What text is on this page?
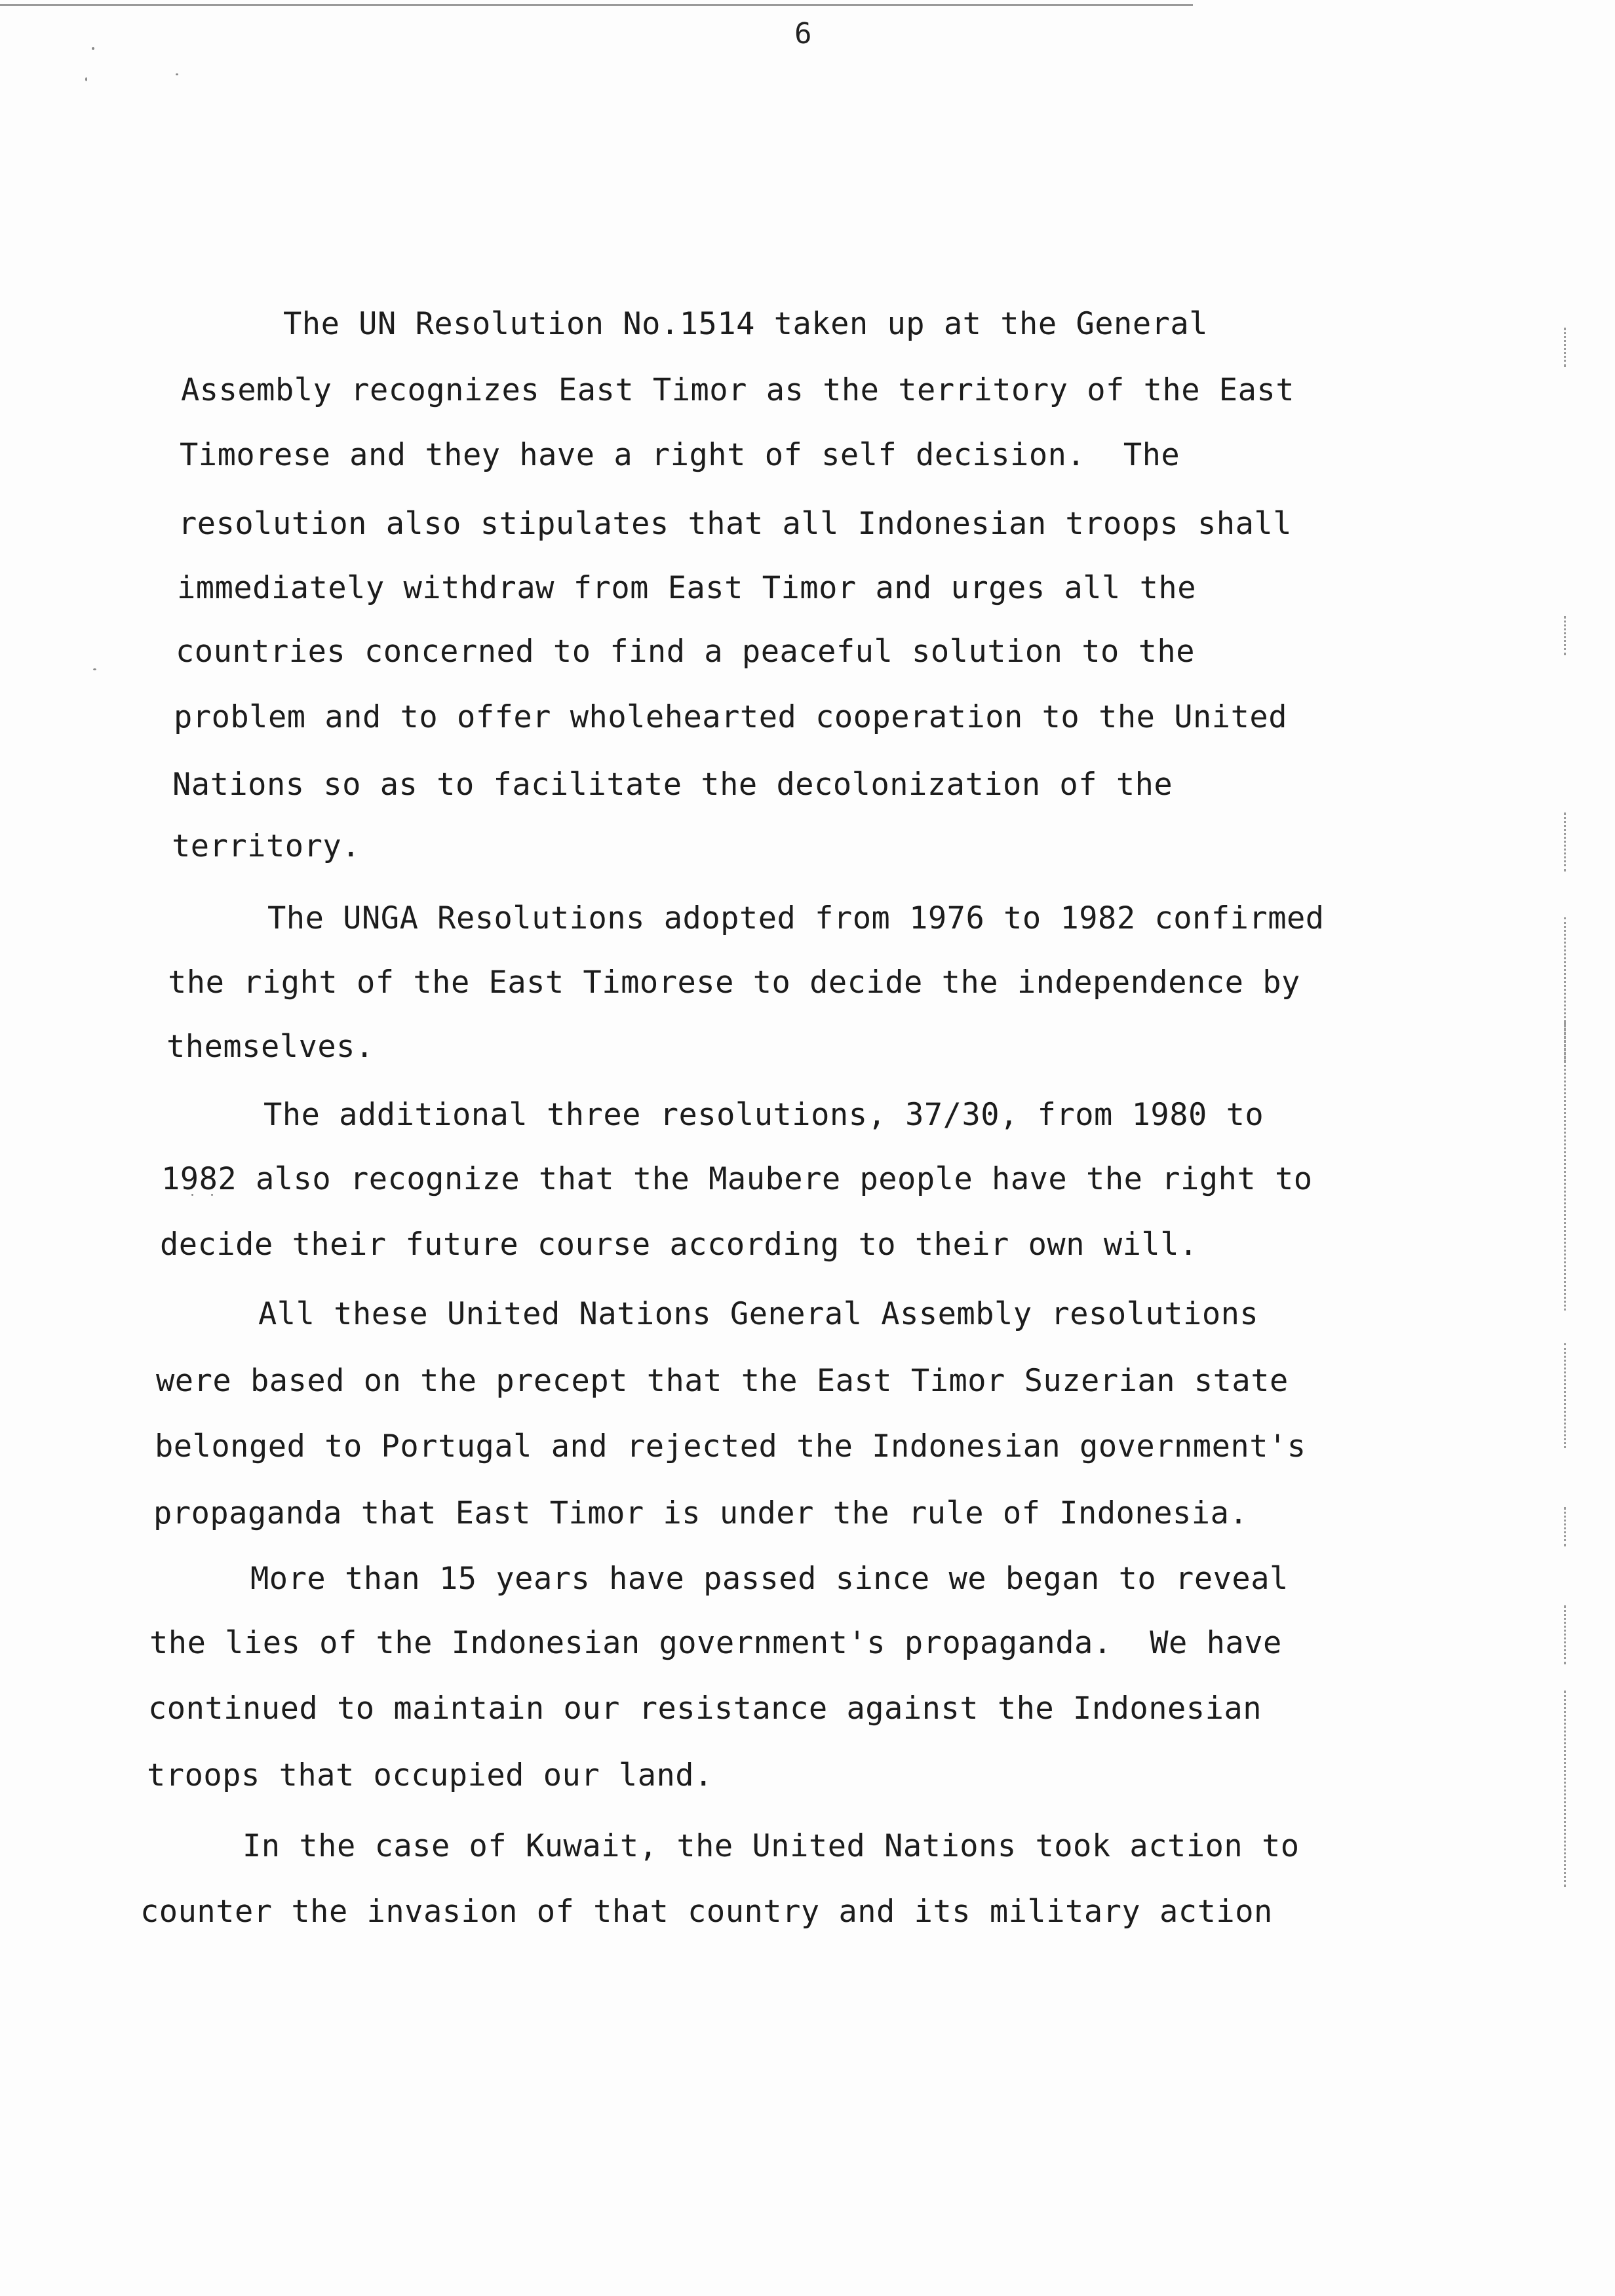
6
The UN Resolution No.1514 taken up at the General
Assembly recognizes East Timor as the territory of the East
Timorese and they have a right of self decision.  The
resolution also stipulates that all Indonesian troops shall
immediately withdraw from East Timor and urges all the
countries concerned to find a peaceful solution to the
problem and to offer wholehearted cooperation to the United
Nations so as to facilitate the decolonization of the
territory.
The UNGA Resolutions adopted from 1976 to 1982 confirmed
the right of the East Timorese to decide the independence by
themselves.
The additional three resolutions, 37/30, from 1980 to
1982 also recognize that the Maubere people have the right to
decide their future course according to their own will.
All these United Nations General Assembly resolutions
were based on the precept that the East Timor Suzerian state
belonged to Portugal and rejected the Indonesian government's
propaganda that East Timor is under the rule of Indonesia.
More than 15 years have passed since we began to reveal
the lies of the Indonesian government's propaganda.  We have
continued to maintain our resistance against the Indonesian
troops that occupied our land.
In the case of Kuwait, the United Nations took action to
counter the invasion of that country and its military action
